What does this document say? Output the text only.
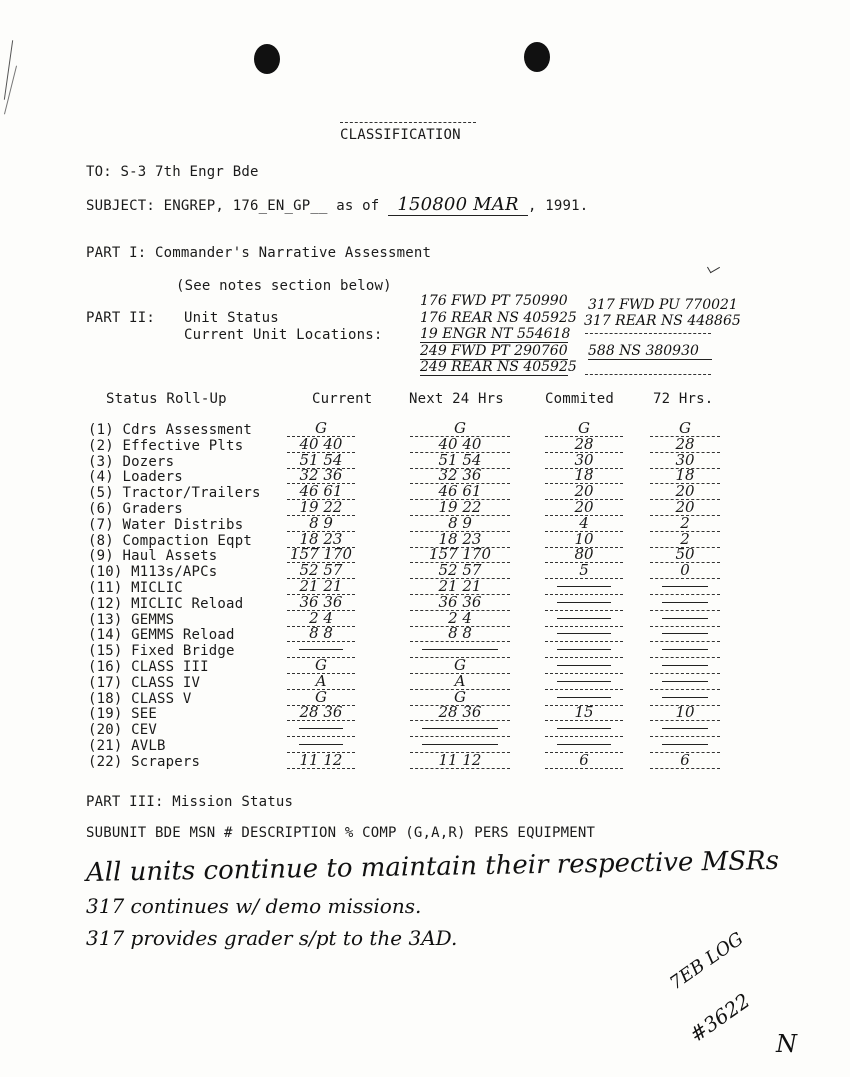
CLASSIFICATION
TO: S-3 7th Engr Bde
SUBJECT: ENGREP, 176_EN_GP__ as of 150800 MAR , 1991.
PART I: Commander's Narrative Assessment
(See notes section below)
PART II: Unit Status
Current Unit Locations:
176 FWD PT 750990
176 REAR NS 405925
19 ENGR NT 554618
249 FWD PT 290760
249 REAR NS 405925
317 FWD PU 770021
317 REAR NS 448865
588 NS 380930
Status Roll-Up	Current	Next 24 Hrs	Commited	72 Hrs.
(1) Cdrs Assessment	G	G	G	G
(2) Effective Plts	40 40	40 40	28	28
(3) Dozers	51 54	51 54	30	30
(4) Loaders	32 36	32 36	18	18
(5) Tractor/Trailers	46 61	46 61	20	20
(6) Graders	19 22	19 22	20	20
(7) Water Distribs	8 9	8 9	4	2
(8) Compaction Eqpt	18 23	18 23	10	2
(9) Haul Assets	157 170	157 170	80	50
(10) M113s/APCs	52 57	52 57	5	0
(11) MICLIC	21 21	21 21
(12) MICLIC Reload	36 36	36 36
(13) GEMMS	2 4	2 4
(14) GEMMS Reload	8 8	8 8
(15) Fixed Bridge
(16) CLASS III	G	G
(17) CLASS IV	A	A
(18) CLASS V	G	G
(19) SEE	28 36	28 36	15	10
(20) CEV
(21) AVLB
(22) Scrapers	11 12	11 12	6	6
PART III: Mission Status
SUBUNIT BDE MSN # DESCRIPTION % COMP (G,A,R) PERS EQUIPMENT
All units continue to maintain their respective MSRs
317 continues w/ demo missions.
317 provides grader s/pt to the 3AD.	7EB LOG
#3622 N
